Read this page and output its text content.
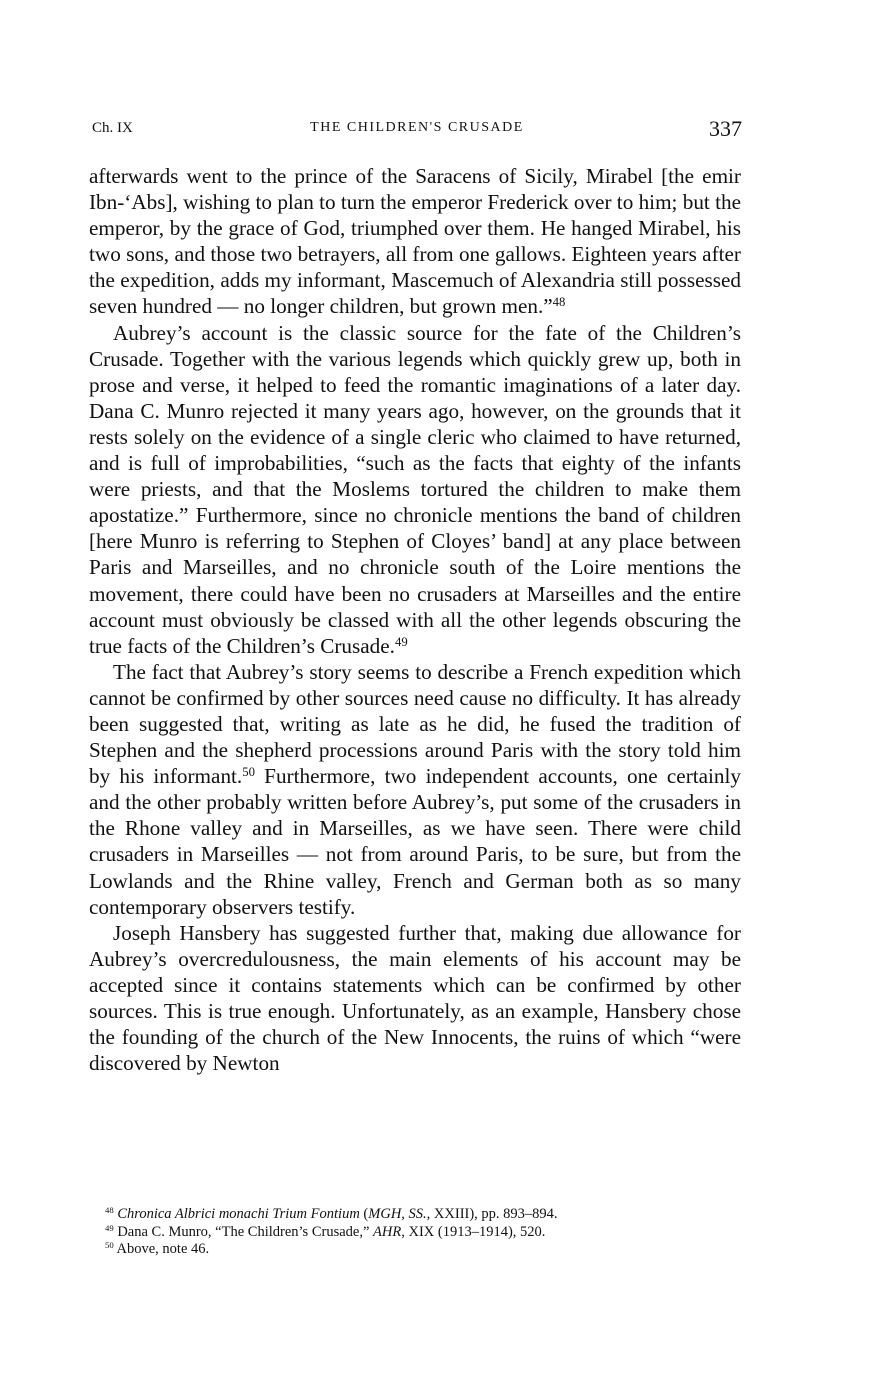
Ch. IX	THE CHILDREN'S CRUSADE	337

afterwards went to the prince of the Saracens of Sicily, Mirabel [the emir Ibn-‘Abs], wishing to plan to turn the emperor Frederick over to him; but the emperor, by the grace of God, triumphed over them. He hanged Mirabel, his two sons, and those two betrayers, all from one gallows. Eighteen years after the expedition, adds my informant, Mascemuch of Alexandria still possessed seven hundred — no longer children, but grown men.”$^{48}$

Aubrey’s account is the classic source for the fate of the Children’s Crusade. Together with the various legends which quickly grew up, both in prose and verse, it helped to feed the romantic imaginations of a later day. Dana C. Munro rejected it many years ago, however, on the grounds that it rests solely on the evidence of a single cleric who claimed to have returned, and is full of improbabilities, “such as the facts that eighty of the infants were priests, and that the Moslems tortured the children to make them apostatize.” Furthermore, since no chronicle mentions the band of children [here Munro is referring to Stephen of Cloyes’ band] at any place between Paris and Marseilles, and no chronicle south of the Loire mentions the movement, there could have been no crusaders at Marseilles and the entire account must obviously be classed with all the other legends obscuring the true facts of the Children’s Crusade.$^{49}$

The fact that Aubrey’s story seems to describe a French expedition which cannot be confirmed by other sources need cause no difficulty. It has already been suggested that, writing as late as he did, he fused the tradition of Stephen and the shepherd processions around Paris with the story told him by his informant.$^{50}$ Furthermore, two independent accounts, one certainly and the other probably written before Aubrey’s, put some of the crusaders in the Rhone valley and in Marseilles, as we have seen. There were child crusaders in Marseilles — not from around Paris, to be sure, but from the Lowlands and the Rhine valley, French and German both as so many contemporary observers testify.

Joseph Hansbery has suggested further that, making due allowance for Aubrey’s overcredulousness, the main elements of his account may be accepted since it contains statements which can be confirmed by other sources. This is true enough. Unfortunately, as an example, Hansbery chose the founding of the church of the New Innocents, the ruins of which “were discovered by Newton

$^{48}$ Chronica Albrici monachi Trium Fontium (MGH, SS., XXIII), pp. 893–894.
$^{49}$ Dana C. Munro, “The Children’s Crusade,” AHR, XIX (1913–1914), 520.
$^{50}$ Above, note 46.
